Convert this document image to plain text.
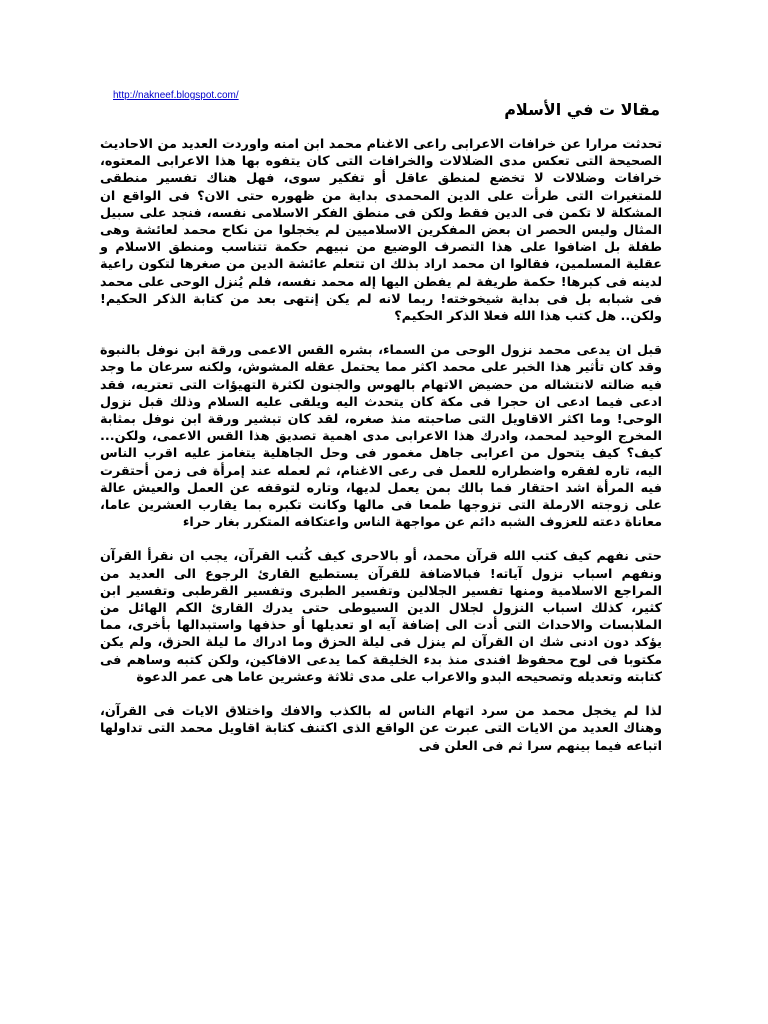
http://nakneef.blogspot.com/
مقالا ت في الأسلام

تحدثت مرارا عن خرافات الاعرابى راعى الاغنام محمد ابن امنه واوردت العديد من الاحاديث الصحيحة التى تعكس مدى الضلالات والخرافات التى كان يتفوه بها هذا الاعرابى المعتوه، خرافات وضلالات لا تخضع لمنطق عاقل أو تفكير سوى، فهل هناك تفسير منطقى للمتغيرات التى طرأت على الدين المحمدى بداية من ظهوره حتى الان؟ فى الواقع ان المشكلة لا تكمن فى الدين فقط ولكن فى منطق الفكر الاسلامى نفسه، فنجد على سبيل المثال وليس الحصر ان بعض المفكرين الاسلاميين لم يخجلوا من نكاح محمد لعائشة وهى طفلة بل اضافوا على هذا التصرف الوضيع من نبيهم حكمة تتناسب ومنطق الاسلام و عقلية المسلمين، فقالوا ان محمد اراد بذلك ان تتعلم عائشة الدين من صغرها لتكون راعية لدينه فى كبرها! حكمة طريفة لم يفطن اليها إله محمد نفسه، فلم يُنزل الوحى على محمد فى شبابه بل فى بداية شيخوخته! ربما لانه لم يكن إنتهى بعد من كتابة الذكر الحكيم! ولكن.. هل كتب هذا الله فعلا الذكر الحكيم؟

قبل ان يدعى محمد نزول الوحى من السماء، بشره القس الاعمى ورقة ابن نوفل بالنبوة وقد كان تأثير هذا الخبر على محمد اكثر مما يحتمل عقله المشوش، ولكنه سرعان ما وجد فيه ضالته لانتشاله من حضيض الاتهام بالهوس والجنون لكثرة التهيؤات التى تعتريه، فقد ادعى فيما ادعى ان حجرا فى مكة كان يتحدث اليه ويلقى عليه السلام وذلك قبل نزول الوحى! وما اكثر الاقاويل التى صاحبته منذ صغره، لقد كان تبشير ورقة ابن نوفل بمثابة المخرج الوحيد لمحمد، وادرك هذا الاعرابى مدى اهمية تصديق هذا القس الاعمى، ولكن... كيف؟ كيف يتحول من اعرابى جاهل مغمور فى وحل الجاهلية يتغامز عليه اقرب الناس اليه، تاره لفقره واضطراره للعمل فى رعى الاغنام، ثم لعمله عند إمرأة فى زمن أحتقرت فيه المرأة اشد احتقار فما بالك بمن يعمل لديها، وتاره لتوقفه عن العمل والعيش عالة على زوجته الارملة التى تزوجها طمعا فى مالها وكانت تكبره بما يقارب العشرين عاما، معاناة دعته للعزوف الشبه دائم عن مواجهة الناس واعتكافه المتكرر بغار حراء

حتى نفهم كيف كتب الله قرآن محمد، أو بالاحرى كيف كُتب القرآن، يجب ان نقرأ القرآن ونفهم اسباب نزول آياته! فبالاضافة للقرآن يستطيع القارئ الرجوع الى العديد من المراجع الاسلامية ومنها تفسير الجلالين وتفسير الطبرى وتفسير القرطبى وتفسير ابن كثير، كذلك اسباب النزول لجلال الدين السيوطى حتى يدرك القارئ الكم الهائل من الملابسات والاحداث التى أدت الى إضافة آيه او تعديلها أو حذفها واستبدالها بأخرى، مما يؤكد دون ادنى شك ان القرآن لم ينزل فى ليلة الحزق وما ادراك ما ليلة الحزق، ولم يكن مكتوبا فى لوح محفوظ افندى منذ بدء الخليقة كما يدعى الافاكين، ولكن كتبه وساهم فى كتابته وتعديله وتصحيحه البدو والاعراب على مدى ثلاثة وعشرين عاما هى عمر الدعوة

لذا لم يخجل محمد من سرد اتهام الناس له بالكذب والافك واختلاق الايات فى القرآن، وهناك العديد من الايات التى عبرت عن الواقع الذى اكتنف كتابة اقاويل محمد التى تداولها اتباعه فيما بينهم سرا ثم فى العلن فى
